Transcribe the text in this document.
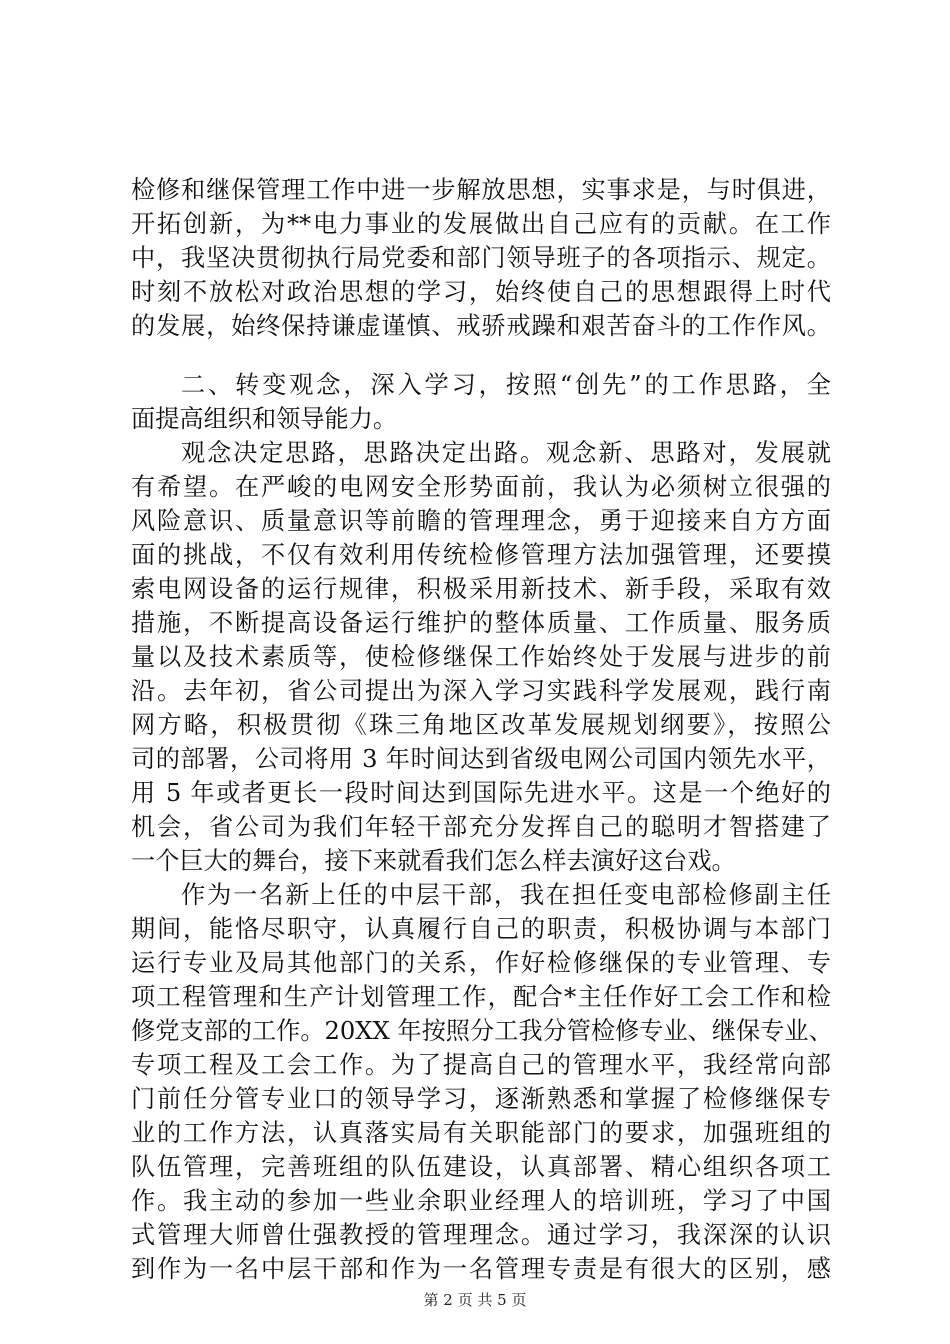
检修和继保管理工作中进一步解放思想，实事求是，与时俱进，
开拓创新，为**电力事业的发展做出自己应有的贡献。在工作
中，我坚决贯彻执行局党委和部门领导班子的各项指示、规定。
时刻不放松对政治思想的学习，始终使自己的思想跟得上时代
的发展，始终保持谦虚谨慎、戒骄戒躁和艰苦奋斗的工作作风。
二、转变观念，深入学习，按照“创先”的工作思路，全
面提高组织和领导能力。
观念决定思路，思路决定出路。观念新、思路对，发展就
有希望。在严峻的电网安全形势面前，我认为必须树立很强的
风险意识、质量意识等前瞻的管理理念，勇于迎接来自方方面
面的挑战，不仅有效利用传统检修管理方法加强管理，还要摸
索电网设备的运行规律，积极采用新技术、新手段，采取有效
措施，不断提高设备运行维护的整体质量、工作质量、服务质
量以及技术素质等，使检修继保工作始终处于发展与进步的前
沿。去年初，省公司提出为深入学习实践科学发展观，践行南
网方略，积极贯彻《珠三角地区改革发展规划纲要》，按照公
司的部署，公司将用 3 年时间达到省级电网公司国内领先水平，
用 5 年或者更长一段时间达到国际先进水平。这是一个绝好的
机会，省公司为我们年轻干部充分发挥自己的聪明才智搭建了
一个巨大的舞台，接下来就看我们怎么样去演好这台戏。
作为一名新上任的中层干部，我在担任变电部检修副主任
期间，能恪尽职守，认真履行自己的职责，积极协调与本部门
运行专业及局其他部门的关系，作好检修继保的专业管理、专
项工程管理和生产计划管理工作，配合*主任作好工会工作和检
修党支部的工作。20XX 年按照分工我分管检修专业、继保专业、
专项工程及工会工作。为了提高自己的管理水平，我经常向部
门前任分管专业口的领导学习，逐渐熟悉和掌握了检修继保专
业的工作方法，认真落实局有关职能部门的要求，加强班组的
队伍管理，完善班组的队伍建设，认真部署、精心组织各项工
作。我主动的参加一些业余职业经理人的培训班，学习了中国
式管理大师曾仕强教授的管理理念。通过学习，我深深的认识
到作为一名中层干部和作为一名管理专责是有很大的区别，感
第 2 页 共 5 页
